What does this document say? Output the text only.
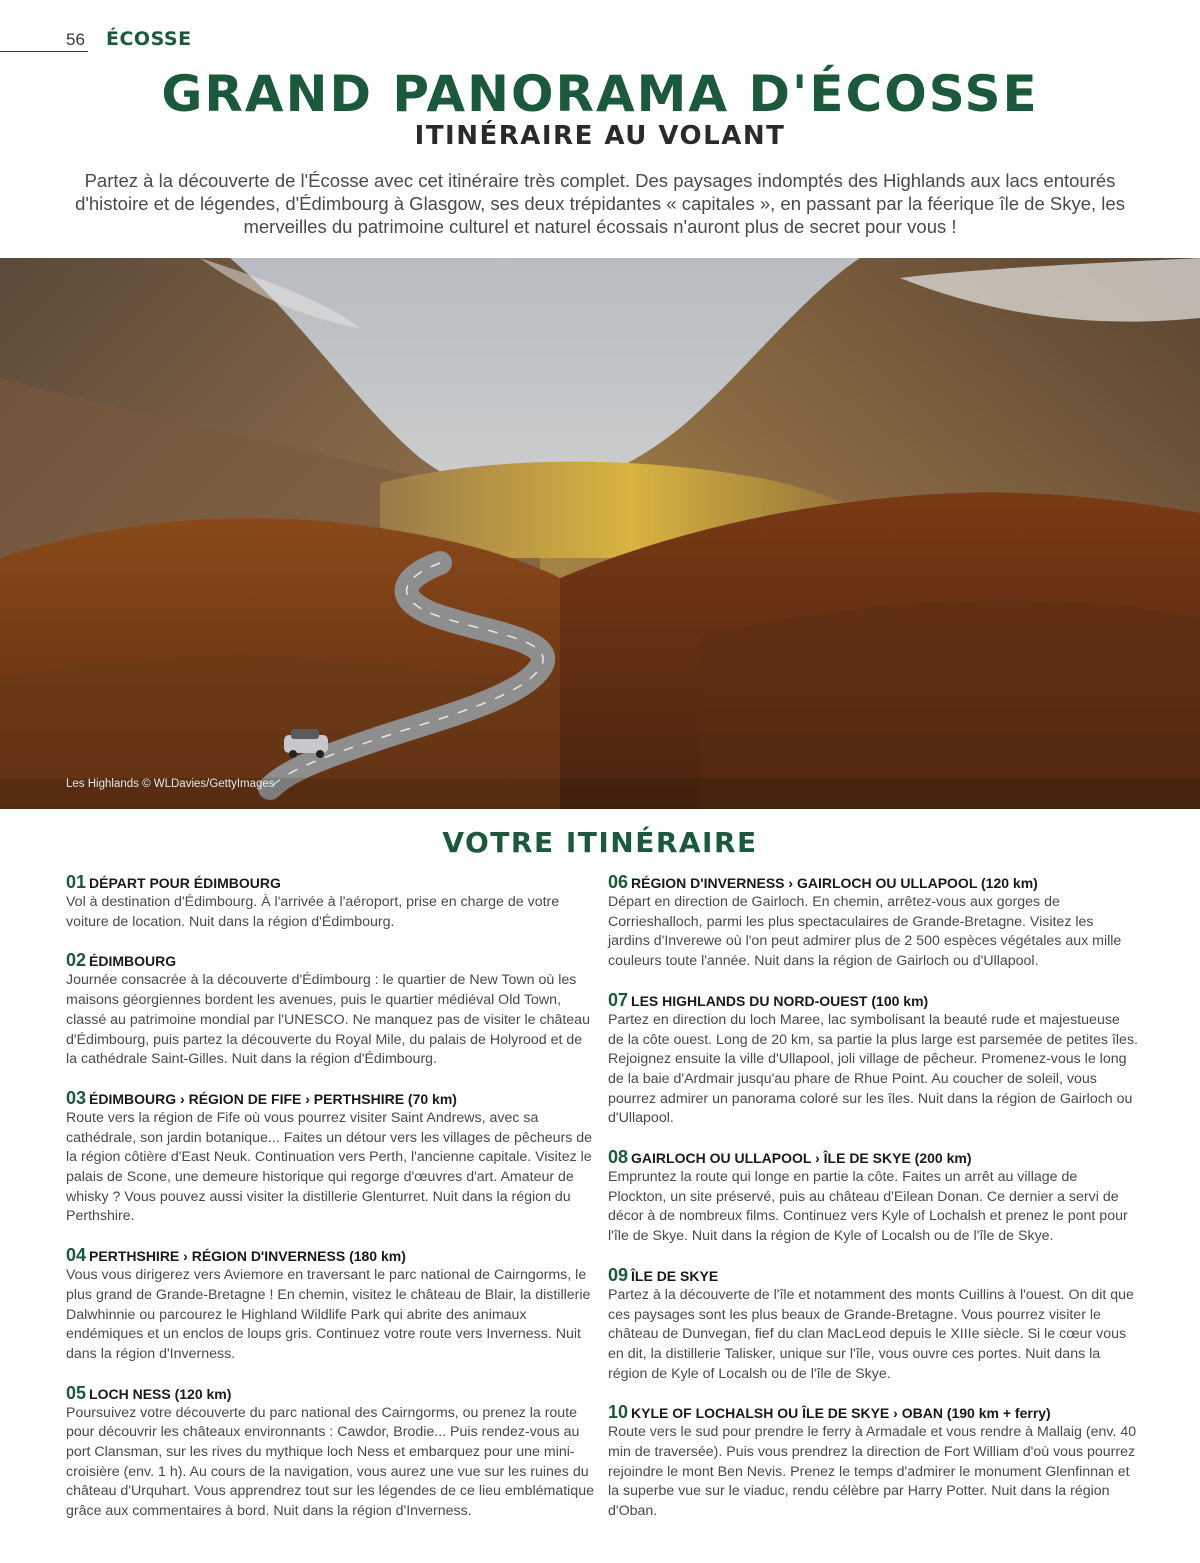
56 ÉCOSSE
GRAND PANORAMA D'ÉCOSSE
ITINÉRAIRE AU VOLANT

Partez à la découverte de l'Écosse avec cet itinéraire très complet. Des paysages indomptés des Highlands aux lacs entourés d'histoire et de légendes, d'Édimbourg à Glasgow, ses deux trépidantes « capitales », en passant par la féerique île de Skye, les merveilles du patrimoine culturel et naturel écossais n'auront plus de secret pour vous !

Les Highlands © WLDavies/GettyImages
VOTRE ITINÉRAIRE
01 DÉPART POUR ÉDIMBOURG

Vol à destination d'Édimbourg. À l'arrivée à l'aéroport, prise en charge de votre voiture de location. Nuit dans la région d'Édimbourg.

02 ÉDIMBOURG

Journée consacrée à la découverte d'Édimbourg : le quartier de New Town où les maisons géorgiennes bordent les avenues, puis le quartier médiéval Old Town, classé au patrimoine mondial par l'UNESCO. Ne manquez pas de visiter le château d'Édimbourg, puis partez la découverte du Royal Mile, du palais de Holyrood et de la cathédrale Saint-Gilles. Nuit dans la région d'Édimbourg.

03 ÉDIMBOURG › RÉGION DE FIFE › PERTHSHIRE (70 km)

Route vers la région de Fife où vous pourrez visiter Saint Andrews, avec sa cathédrale, son jardin botanique... Faites un détour vers les villages de pêcheurs de la région côtière d'East Neuk. Continuation vers Perth, l'ancienne capitale. Visitez le palais de Scone, une demeure historique qui regorge d'œuvres d'art. Amateur de whisky ? Vous pouvez aussi visiter la distillerie Glenturret. Nuit dans la région du Perthshire.

04 PERTHSHIRE › RÉGION D'INVERNESS (180 km)

Vous vous dirigerez vers Aviemore en traversant le parc national de Cairngorms, le plus grand de Grande-Bretagne ! En chemin, visitez le château de Blair, la distillerie Dalwhinnie ou parcourez le Highland Wildlife Park qui abrite des animaux endémiques et un enclos de loups gris. Continuez votre route vers Inverness. Nuit dans la région d'Inverness.

05 LOCH NESS (120 km)

Poursuivez votre découverte du parc national des Cairngorms, ou prenez la route pour découvrir les châteaux environnants : Cawdor, Brodie... Puis rendez-vous au port Clansman, sur les rives du mythique loch Ness et embarquez pour une mini-croisière (env. 1 h). Au cours de la navigation, vous aurez une vue sur les ruines du château d'Urquhart. Vous apprendrez tout sur les légendes de ce lieu emblématique grâce aux commentaires à bord. Nuit dans la région d'Inverness.

06 RÉGION D'INVERNESS › GAIRLOCH OU ULLAPOOL (120 km)

Départ en direction de Gairloch. En chemin, arrêtez-vous aux gorges de Corrieshalloch, parmi les plus spectaculaires de Grande-Bretagne. Visitez les jardins d'Inverewe où l'on peut admirer plus de 2 500 espèces végétales aux mille couleurs toute l'année. Nuit dans la région de Gairloch ou d'Ullapool.

07 LES HIGHLANDS DU NORD-OUEST (100 km)

Partez en direction du loch Maree, lac symbolisant la beauté rude et majestueuse de la côte ouest. Long de 20 km, sa partie la plus large est parsemée de petites îles. Rejoignez ensuite la ville d'Ullapool, joli village de pêcheur. Promenez-vous le long de la baie d'Ardmair jusqu'au phare de Rhue Point. Au coucher de soleil, vous pourrez admirer un panorama coloré sur les îles. Nuit dans la région de Gairloch ou d'Ullapool.

08 GAIRLOCH OU ULLAPOOL › ÎLE DE SKYE (200 km)

Empruntez la route qui longe en partie la côte. Faites un arrêt au village de Plockton, un site préservé, puis au château d'Eilean Donan. Ce dernier a servi de décor à de nombreux films. Continuez vers Kyle of Lochalsh et prenez le pont pour l'île de Skye. Nuit dans la région de Kyle of Localsh ou de l'île de Skye.

09 ÎLE DE SKYE

Partez à la découverte de l'île et notamment des monts Cuillins à l'ouest. On dit que ces paysages sont les plus beaux de Grande-Bretagne. Vous pourrez visiter le château de Dunvegan, fief du clan MacLeod depuis le XIIIe siècle. Si le cœur vous en dit, la distillerie Talisker, unique sur l'île, vous ouvre ces portes. Nuit dans la région de Kyle of Localsh ou de l'île de Skye.

10 KYLE OF LOCHALSH OU ÎLE DE SKYE › OBAN (190 km + ferry)

Route vers le sud pour prendre le ferry à Armadale et vous rendre à Mallaig (env. 40 min de traversée). Puis vous prendrez la direction de Fort William d'où vous pourrez rejoindre le mont Ben Nevis. Prenez le temps d'admirer le monument Glenfinnan et la superbe vue sur le viaduc, rendu célèbre par Harry Potter. Nuit dans la région d'Oban.
